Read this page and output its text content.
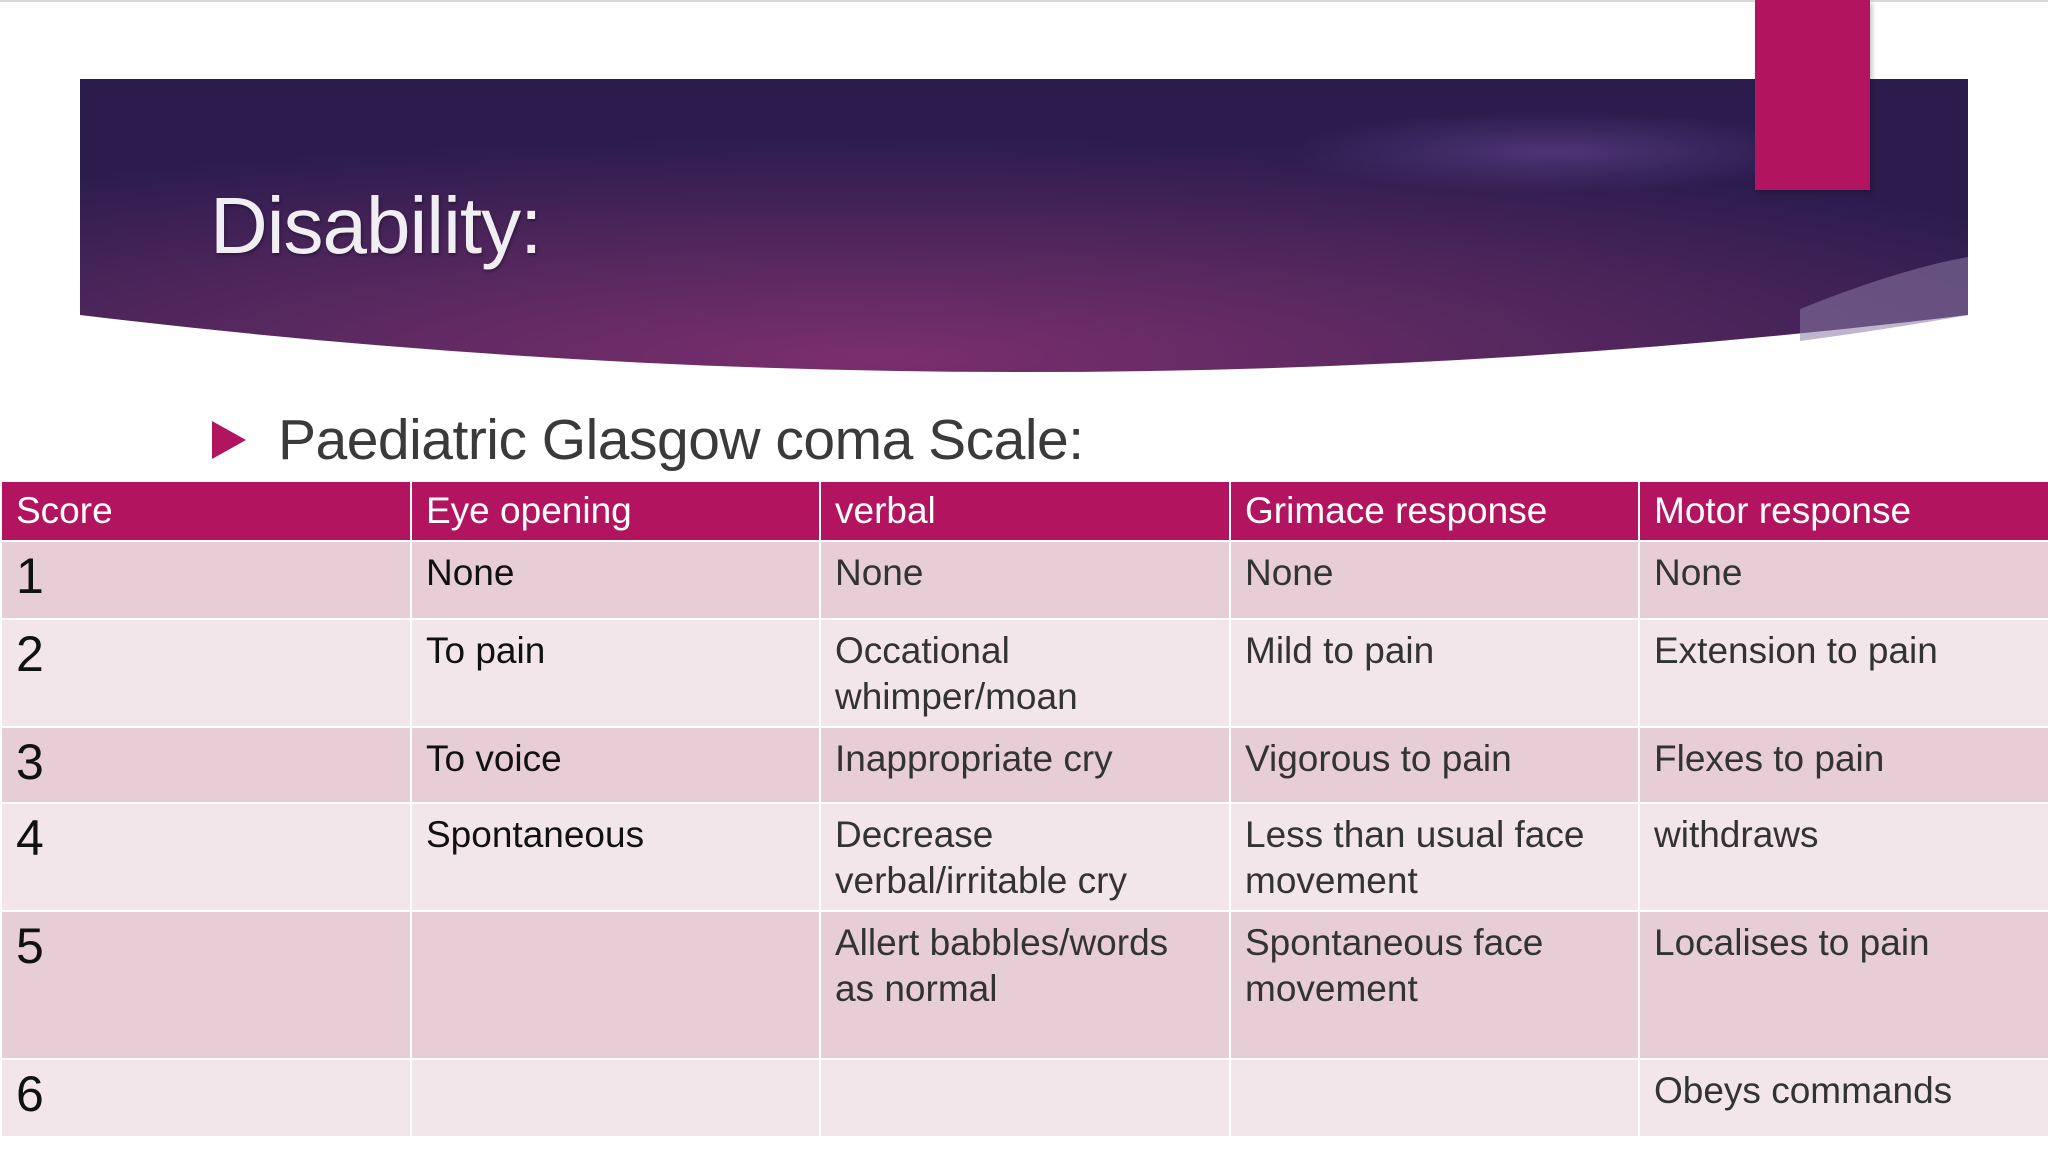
Disability:
Paediatric Glasgow coma Scale:
Score	Eye opening	verbal	Grimace response	Motor response
1	None	None	None	None
2	To pain	Occational whimper/moan	Mild to pain	Extension to pain
3	To voice	Inappropriate cry	Vigorous to pain	Flexes to pain
4	Spontaneous	Decrease verbal/irritable cry	Less than usual face movement	withdraws
5		Allert babbles/words as normal	Spontaneous face movement	Localises to pain
6				Obeys commands
